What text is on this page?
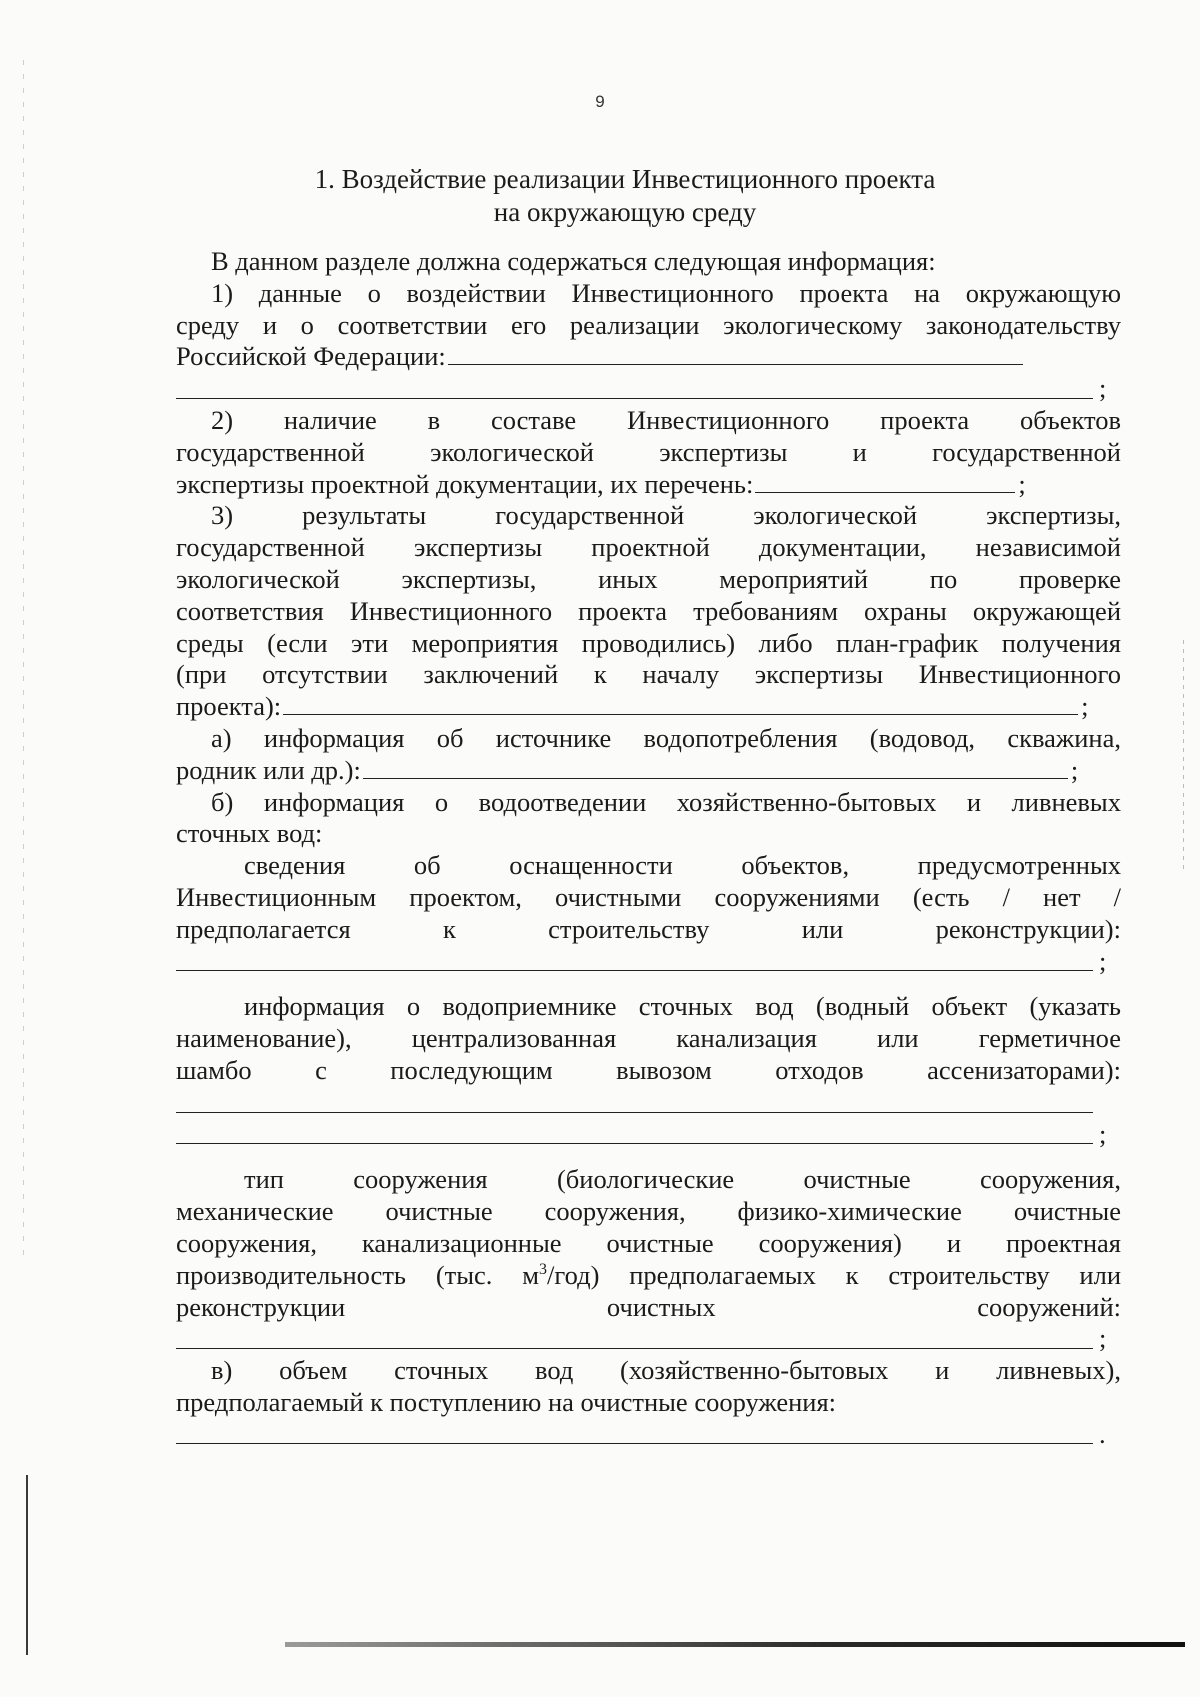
9
1. Воздействие реализации Инвестиционного проекта
на окружающую среду

В данном разделе должна содержаться следующая информация:

1) данные о воздействии Инвестиционного проекта на окружающую

среду и о соответствии его реализации экологическому законодательству

Российской Федерации:

;

2) наличие в составе Инвестиционного проекта объектов

государственной экологической экспертизы и государственной

экспертизы проектной документации, их перечень:	;

3) результаты государственной экологической экспертизы,

государственной экспертизы проектной документации, независимой

экологической экспертизы, иных мероприятий по проверке

соответствия Инвестиционного проекта требованиям охраны окружающей

среды (если эти мероприятия проводились) либо план-график получения

(при отсутствии заключений к началу экспертизы Инвестиционного

проекта):	;

а) информация об источнике водопотребления (водовод, скважина,

родник или др.):	;

б) информация о водоотведении хозяйственно-бытовых и ливневых

сточных вод:

сведения об оснащенности объектов, предусмотренных

Инвестиционным проектом, очистными сооружениями (есть / нет /

предполагается к строительству или реконструкции):

;

информация о водоприемнике сточных вод (водный объект (указать

наименование), централизованная канализация или герметичное

шамбо с последующим вывозом отходов ассенизаторами):

;

тип сооружения (биологические очистные сооружения,

механические очистные сооружения, физико-химические очистные

сооружения, канализационные очистные сооружения) и проектная

производительность (тыс. $м^3/год$) предполагаемых к строительству или

реконструкции очистных сооружений:

;

в) объем сточных вод (хозяйственно-бытовых и ливневых),

предполагаемый к поступлению на очистные сооружения:

.
